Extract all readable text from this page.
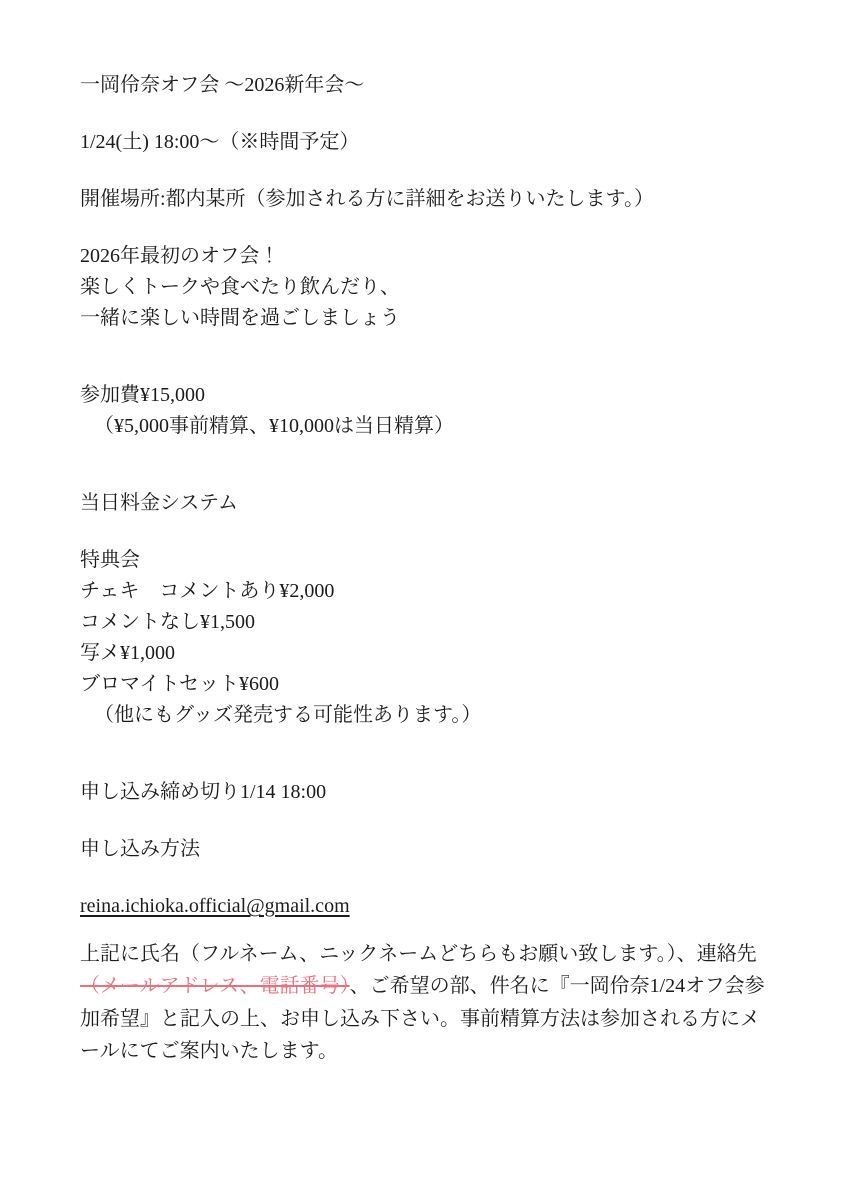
一岡伶奈オフ会 〜2026新年会〜
1/24(土) 18:00〜（※時間予定）
開催場所:都内某所（参加される方に詳細をお送りいたします。）
2026年最初のオフ会！
楽しくトークや食べたり飲んだり、
一緒に楽しい時間を過ごしましょう
参加費¥15,000
（¥5,000事前精算、¥10,000は当日精算）
当日料金システム
特典会
チェキ　コメントあり¥2,000
コメントなし¥1,500
写メ¥1,000
ブロマイトセット¥600
（他にもグッズ発売する可能性あります。）
申し込み締め切り1/14 18:00
申し込み方法
reina.ichioka.official@gmail.com
上記に氏名（フルネーム、ニックネームどちらもお願い致します。）、連絡先（メールアドレス、電話番号）、ご希望の部、件名に『一岡伶奈1/24オフ会参加希望』と記入の上、お申し込み下さい。事前精算方法は参加される方にメールにてご案内いたします。
